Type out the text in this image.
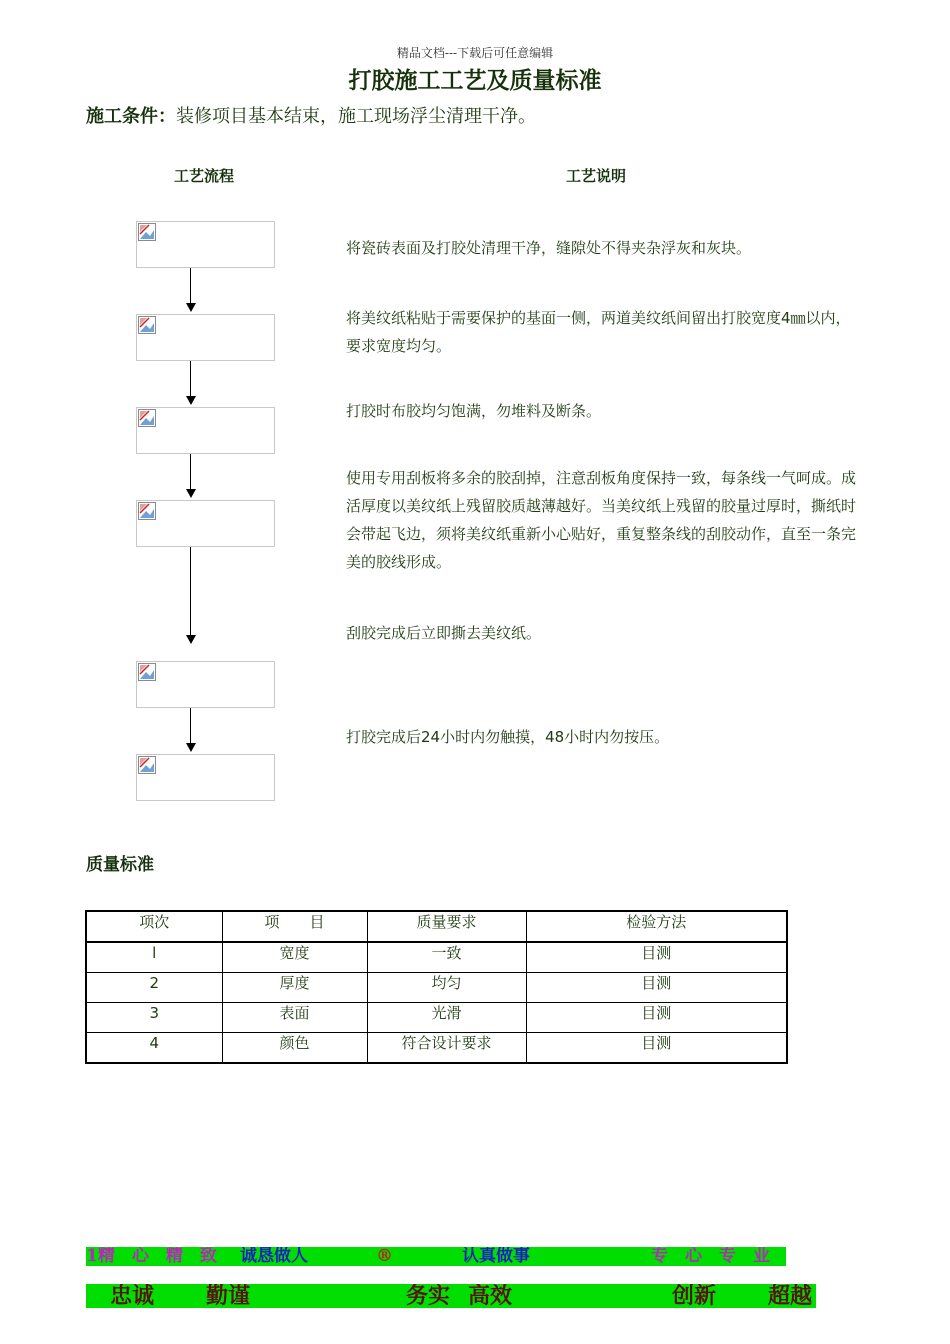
精品文档---下载后可任意编辑
打胶施工工艺及质量标准
施工条件：装修项目基本结束，施工现场浮尘清理干净。
工艺流程	工艺说明
将瓷砖表面及打胶处清理干净，缝隙处不得夹杂浮灰和灰块。
将美纹纸粘贴于需要保护的基面一侧，两道美纹纸间留出打胶宽度4㎜以内，要求宽度均匀。
打胶时布胶均匀饱满，勿堆料及断条。
使用专用刮板将多余的胶刮掉，注意刮板角度保持一致，每条线一气呵成。成活厚度以美纹纸上残留胶质越薄越好。当美纹纸上残留的胶量过厚时，撕纸时会带起飞边，须将美纹纸重新小心贴好，重复整条线的刮胶动作，直至一条完美的胶线形成。
刮胶完成后立即撕去美纹纸。
打胶完成后24小时内勿触摸，48小时内勿按压。
质量标准
项次	项　　目	质量要求	检验方法
l	宽度	一致	目测
2	厚度	均匀	目测
3	表面	光滑	目测
4	颜色	符合设计要求	目测
1精　心　精　致 诚恳做人	®	认真做事	专　心　专　业
忠诚 勤谨	务实 高效	创新 超越
